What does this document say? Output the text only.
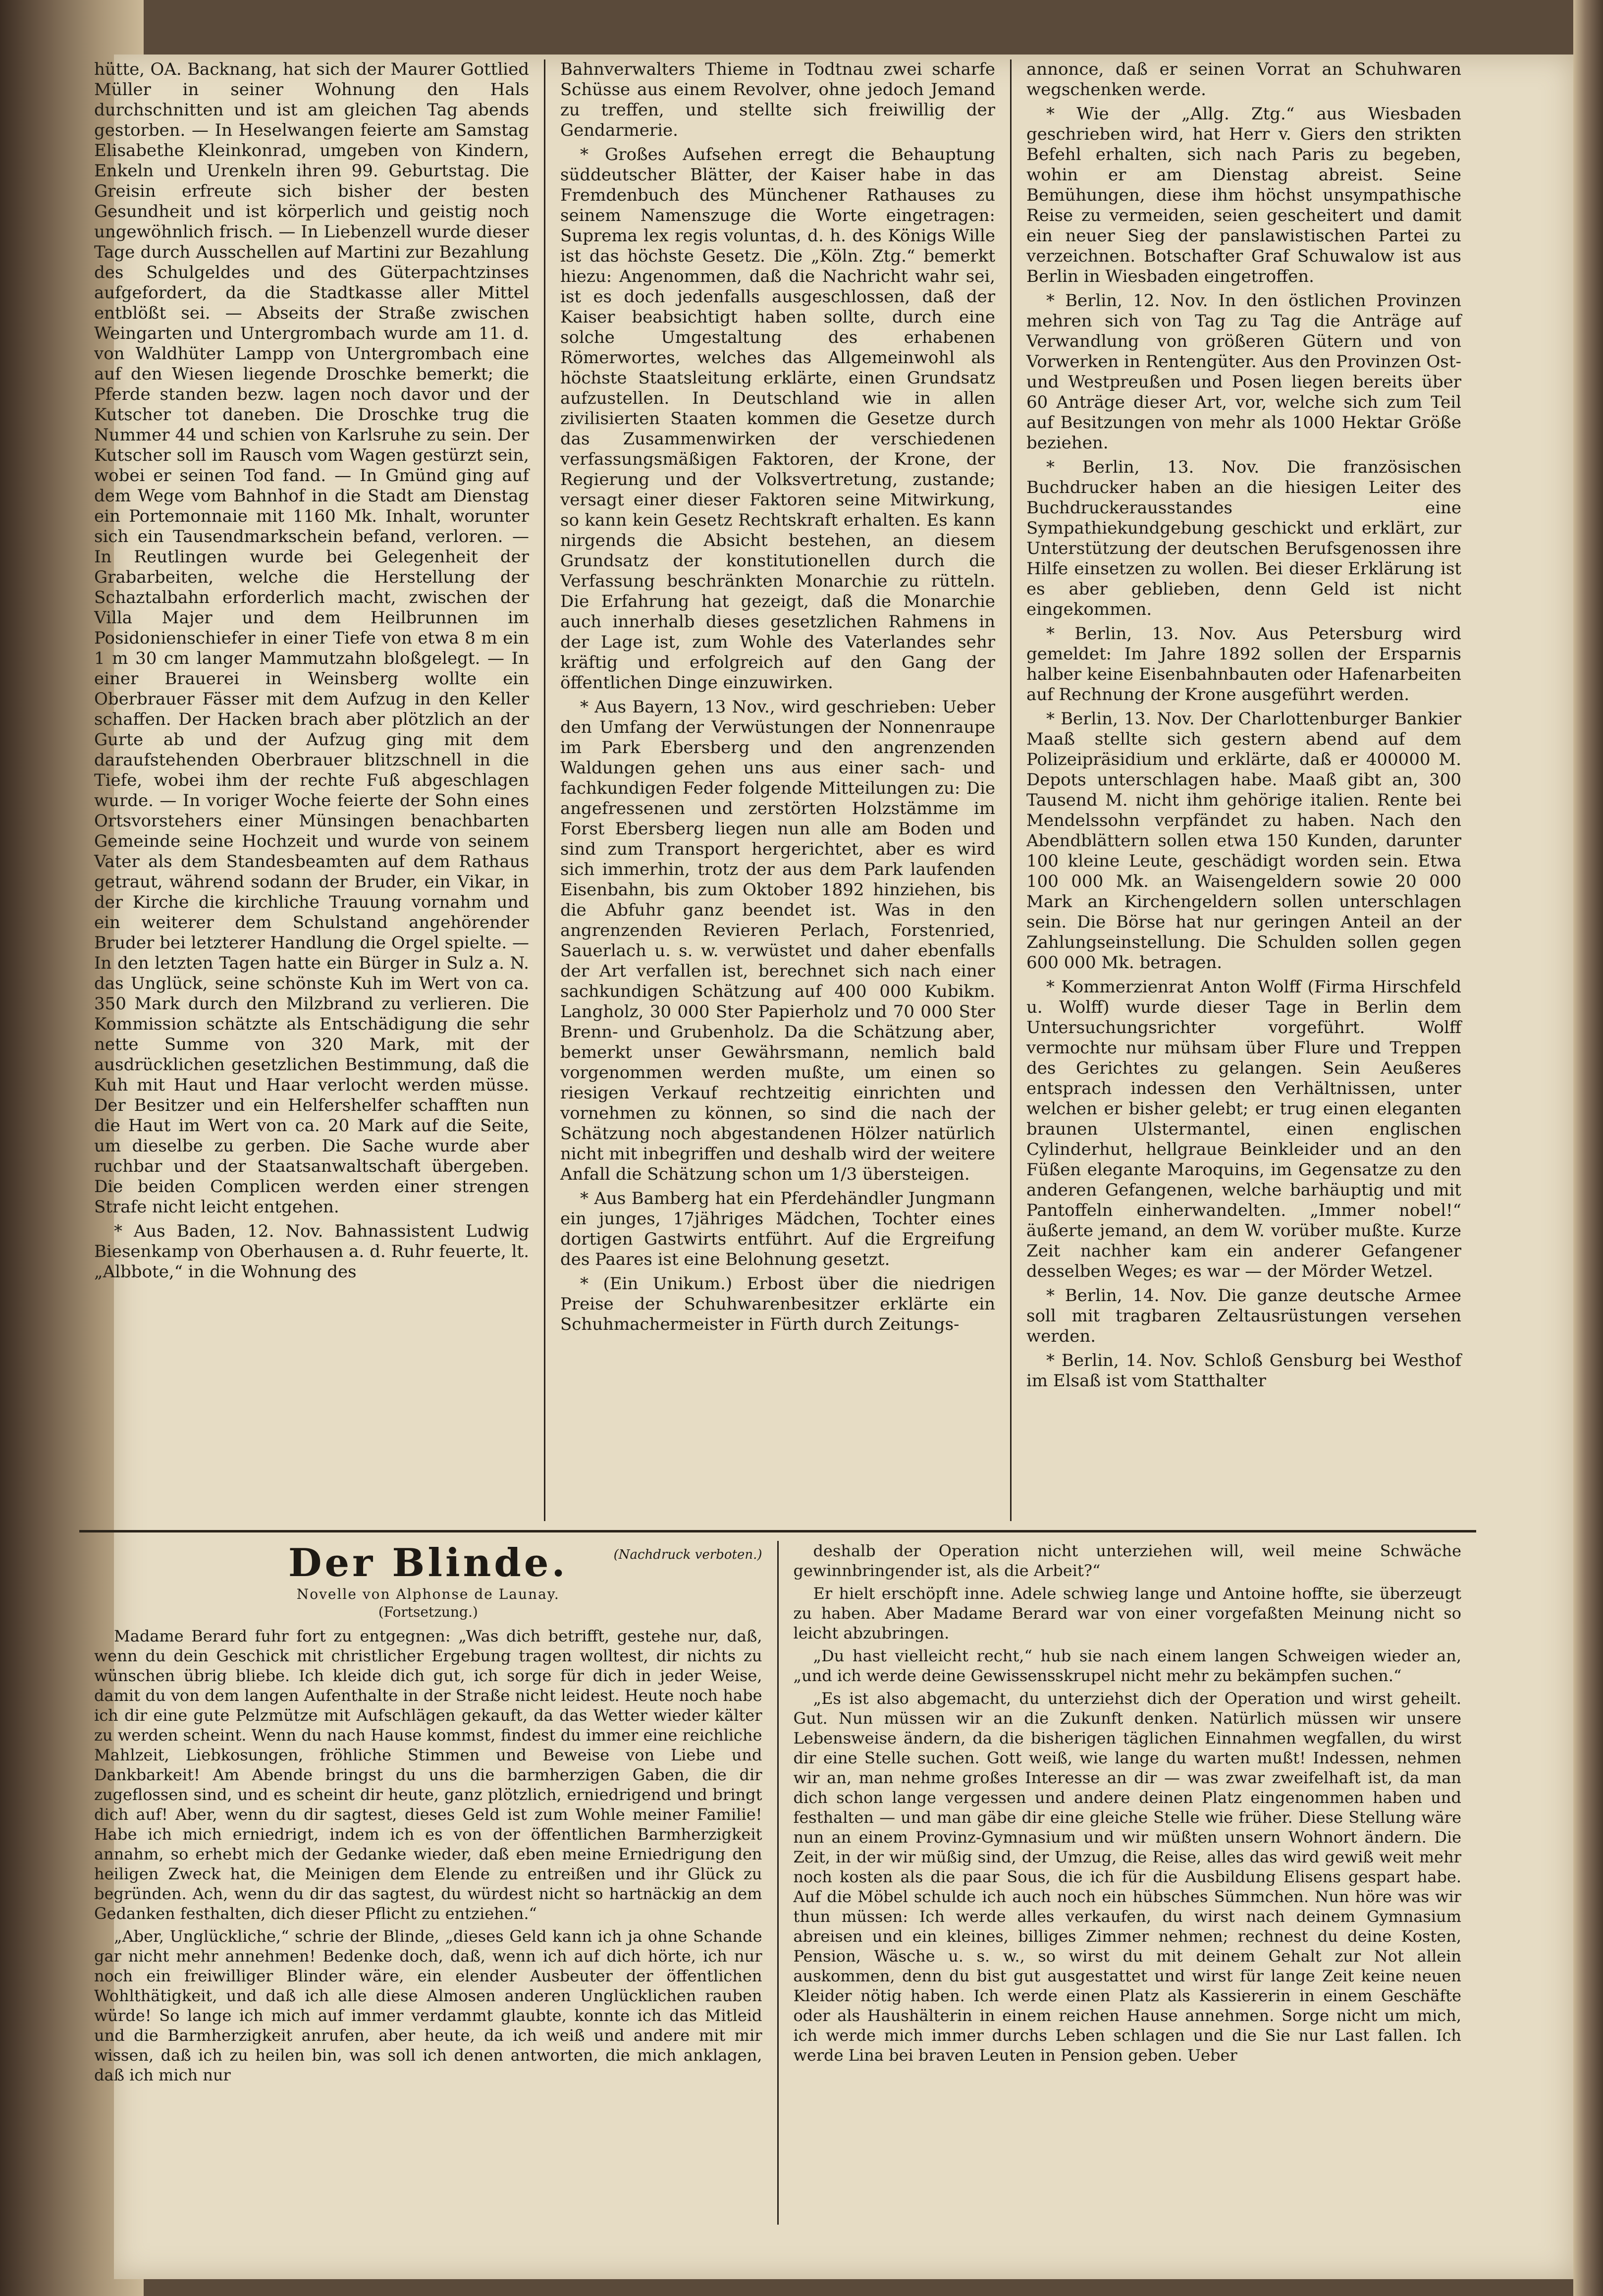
hütte, OA. Backnang, hat sich der Maurer Gottlied Müller in seiner Wohnung den Hals durchschnitten und ist am gleichen Tag abends gestorben. — In Heselwangen feierte am Samstag Elisabethe Kleinkonrad, umgeben von Kindern, Enkeln und Urenkeln ihren 99. Geburtstag. Die Greisin erfreute sich bisher der besten Gesundheit und ist körperlich und geistig noch ungewöhnlich frisch. — In Liebenzell wurde dieser Tage durch Ausschellen auf Martini zur Bezahlung des Schulgeldes und des Güterpachtzinses aufgefordert, da die Stadtkasse aller Mittel entblößt sei. — Abseits der Straße zwischen Weingarten und Untergrombach wurde am 11. d. von Waldhüter Lampp von Untergrombach eine auf den Wiesen liegende Droschke bemerkt; die Pferde standen bezw. lagen noch davor und der Kutscher tot daneben. Die Droschke trug die Nummer 44 und schien von Karlsruhe zu sein. Der Kutscher soll im Rausch vom Wagen gestürzt sein, wobei er seinen Tod fand. — In Gmünd ging auf dem Wege vom Bahnhof in die Stadt am Dienstag ein Portemonnaie mit 1160 Mk. Inhalt, worunter sich ein Tausendmarkschein befand, verloren. — In Reutlingen wurde bei Gelegenheit der Grabarbeiten, welche die Herstellung der Schaztalbahn erforderlich macht, zwischen der Villa Majer und dem Heilbrunnen im Posidonienschiefer in einer Tiefe von etwa 8 m ein 1 m 30 cm langer Mammutzahn bloßgelegt. — In einer Brauerei in Weinsberg wollte ein Oberbrauer Fässer mit dem Aufzug in den Keller schaffen. Der Hacken brach aber plötzlich an der Gurte ab und der Aufzug ging mit dem daraufstehenden Oberbrauer blitzschnell in die Tiefe, wobei ihm der rechte Fuß abgeschlagen wurde. — In voriger Woche feierte der Sohn eines Ortsvorstehers einer Münsingen benachbarten Gemeinde seine Hochzeit und wurde von seinem Vater als dem Standesbeamten auf dem Rathaus getraut, während sodann der Bruder, ein Vikar, in der Kirche die kirchliche Trauung vornahm und ein weiterer dem Schulstand angehörender Bruder bei letzterer Handlung die Orgel spielte. — In den letzten Tagen hatte ein Bürger in Sulz a. N. das Unglück, seine schönste Kuh im Wert von ca. 350 Mark durch den Milzbrand zu verlieren. Die Kommission schätzte als Entschädigung die sehr nette Summe von 320 Mark, mit der ausdrücklichen gesetzlichen Bestimmung, daß die Kuh mit Haut und Haar verlocht werden müsse. Der Besitzer und ein Helfershelfer schafften nun die Haut im Wert von ca. 20 Mark auf die Seite, um dieselbe zu gerben. Die Sache wurde aber ruchbar und der Staatsanwaltschaft übergeben. Die beiden Complicen werden einer strengen Strafe nicht leicht entgehen.

* Aus Baden, 12. Nov. Bahnassistent Ludwig Biesenkamp von Oberhausen a. d. Ruhr feuerte, lt. „Albbote,“ in die Wohnung des

Bahnverwalters Thieme in Todtnau zwei scharfe Schüsse aus einem Revolver, ohne jedoch Jemand zu treffen, und stellte sich freiwillig der Gendarmerie.

* Großes Aufsehen erregt die Behauptung süddeutscher Blätter, der Kaiser habe in das Fremdenbuch des Münchener Rathauses zu seinem Namenszuge die Worte eingetragen: Suprema lex regis voluntas, d. h. des Königs Wille ist das höchste Gesetz. Die „Köln. Ztg.“ bemerkt hiezu: Angenommen, daß die Nachricht wahr sei, ist es doch jedenfalls ausgeschlossen, daß der Kaiser beabsichtigt haben sollte, durch eine solche Umgestaltung des erhabenen Römerwortes, welches das Allgemeinwohl als höchste Staatsleitung erklärte, einen Grundsatz aufzustellen. In Deutschland wie in allen zivilisierten Staaten kommen die Gesetze durch das Zusammenwirken der verschiedenen verfassungsmäßigen Faktoren, der Krone, der Regierung und der Volksvertretung, zustande; versagt einer dieser Faktoren seine Mitwirkung, so kann kein Gesetz Rechtskraft erhalten. Es kann nirgends die Absicht bestehen, an diesem Grundsatz der konstitutionellen durch die Verfassung beschränkten Monarchie zu rütteln. Die Erfahrung hat gezeigt, daß die Monarchie auch innerhalb dieses gesetzlichen Rahmens in der Lage ist, zum Wohle des Vaterlandes sehr kräftig und erfolgreich auf den Gang der öffentlichen Dinge einzuwirken.

* Aus Bayern, 13 Nov., wird geschrieben: Ueber den Umfang der Verwüstungen der Nonnenraupe im Park Ebersberg und den angrenzenden Waldungen gehen uns aus einer sach- und fachkundigen Feder folgende Mitteilungen zu: Die angefressenen und zerstörten Holzstämme im Forst Ebersberg liegen nun alle am Boden und sind zum Transport hergerichtet, aber es wird sich immerhin, trotz der aus dem Park laufenden Eisenbahn, bis zum Oktober 1892 hinziehen, bis die Abfuhr ganz beendet ist. Was in den angrenzenden Revieren Perlach, Forstenried, Sauerlach u. s. w. verwüstet und daher ebenfalls der Art verfallen ist, berechnet sich nach einer sachkundigen Schätzung auf 400 000 Kubikm. Langholz, 30 000 Ster Papierholz und 70 000 Ster Brenn- und Grubenholz. Da die Schätzung aber, bemerkt unser Gewährsmann, nemlich bald vorgenommen werden mußte, um einen so riesigen Verkauf rechtzeitig einrichten und vornehmen zu können, so sind die nach der Schätzung noch abgestandenen Hölzer natürlich nicht mit inbegriffen und deshalb wird der weitere Anfall die Schätzung schon um 1/3 übersteigen.

* Aus Bamberg hat ein Pferdehändler Jungmann ein junges, 17jähriges Mädchen, Tochter eines dortigen Gastwirts entführt. Auf die Ergreifung des Paares ist eine Belohnung gesetzt.

* (Ein Unikum.) Erbost über die niedrigen Preise der Schuhwarenbesitzer erklärte ein Schuhmachermeister in Fürth durch Zeitungs-

annonce, daß er seinen Vorrat an Schuhwaren wegschenken werde.

* Wie der „Allg. Ztg.“ aus Wiesbaden geschrieben wird, hat Herr v. Giers den strikten Befehl erhalten, sich nach Paris zu begeben, wohin er am Dienstag abreist. Seine Bemühungen, diese ihm höchst unsympathische Reise zu vermeiden, seien gescheitert und damit ein neuer Sieg der panslawistischen Partei zu verzeichnen. Botschafter Graf Schuwalow ist aus Berlin in Wiesbaden eingetroffen.

* Berlin, 12. Nov. In den östlichen Provinzen mehren sich von Tag zu Tag die Anträge auf Verwandlung von größeren Gütern und von Vorwerken in Rentengüter. Aus den Provinzen Ost- und Westpreußen und Posen liegen bereits über 60 Anträge dieser Art, vor, welche sich zum Teil auf Besitzungen von mehr als 1000 Hektar Größe beziehen.

* Berlin, 13. Nov. Die französischen Buchdrucker haben an die hiesigen Leiter des Buchdruckerausstandes eine Sympathiekundgebung geschickt und erklärt, zur Unterstützung der deutschen Berufsgenossen ihre Hilfe einsetzen zu wollen. Bei dieser Erklärung ist es aber geblieben, denn Geld ist nicht eingekommen.

* Berlin, 13. Nov. Aus Petersburg wird gemeldet: Im Jahre 1892 sollen der Ersparnis halber keine Eisenbahnbauten oder Hafenarbeiten auf Rechnung der Krone ausgeführt werden.

* Berlin, 13. Nov. Der Charlottenburger Bankier Maaß stellte sich gestern abend auf dem Polizeipräsidium und erklärte, daß er 400000 M. Depots unterschlagen habe. Maaß gibt an, 300 Tausend M. nicht ihm gehörige italien. Rente bei Mendelssohn verpfändet zu haben. Nach den Abendblättern sollen etwa 150 Kunden, darunter 100 kleine Leute, geschädigt worden sein. Etwa 100 000 Mk. an Waisengeldern sowie 20 000 Mark an Kirchengeldern sollen unterschlagen sein. Die Börse hat nur geringen Anteil an der Zahlungseinstellung. Die Schulden sollen gegen 600 000 Mk. betragen.

* Kommerzienrat Anton Wolff (Firma Hirschfeld u. Wolff) wurde dieser Tage in Berlin dem Untersuchungsrichter vorgeführt. Wolff vermochte nur mühsam über Flure und Treppen des Gerichtes zu gelangen. Sein Aeußeres entsprach indessen den Verhältnissen, unter welchen er bisher gelebt; er trug einen eleganten braunen Ulstermantel, einen englischen Cylinderhut, hellgraue Beinkleider und an den Füßen elegante Maroquins, im Gegensatze zu den anderen Gefangenen, welche barhäuptig und mit Pantoffeln einherwandelten. „Immer nobel!“ äußerte jemand, an dem W. vorüber mußte. Kurze Zeit nachher kam ein anderer Gefangener desselben Weges; es war — der Mörder Wetzel.

* Berlin, 14. Nov. Die ganze deutsche Armee soll mit tragbaren Zeltausrüstungen versehen werden.

* Berlin, 14. Nov. Schloß Gensburg bei Westhof im Elsaß ist vom Statthalter

Der Blinde.	(Nachdruck verboten.)
Novelle von Alphonse de Launay.
(Fortsetzung.)

Madame Berard fuhr fort zu entgegnen: „Was dich betrifft, gestehe nur, daß, wenn du dein Geschick mit christlicher Ergebung tragen wolltest, dir nichts zu wünschen übrig bliebe. Ich kleide dich gut, ich sorge für dich in jeder Weise, damit du von dem langen Aufenthalte in der Straße nicht leidest. Heute noch habe ich dir eine gute Pelzmütze mit Aufschlägen gekauft, da das Wetter wieder kälter zu werden scheint. Wenn du nach Hause kommst, findest du immer eine reichliche Mahlzeit, Liebkosungen, fröhliche Stimmen und Beweise von Liebe und Dankbarkeit! Am Abende bringst du uns die barmherzigen Gaben, die dir zugeflossen sind, und es scheint dir heute, ganz plötzlich, erniedrigend und bringt dich auf! Aber, wenn du dir sagtest, dieses Geld ist zum Wohle meiner Familie! Habe ich mich erniedrigt, indem ich es von der öffentlichen Barmherzigkeit annahm, so erhebt mich der Gedanke wieder, daß eben meine Erniedrigung den heiligen Zweck hat, die Meinigen dem Elende zu entreißen und ihr Glück zu begründen. Ach, wenn du dir das sagtest, du würdest nicht so hartnäckig an dem Gedanken festhalten, dich dieser Pflicht zu entziehen.“

„Aber, Unglückliche,“ schrie der Blinde, „dieses Geld kann ich ja ohne Schande gar nicht mehr annehmen! Bedenke doch, daß, wenn ich auf dich hörte, ich nur noch ein freiwilliger Blinder wäre, ein elender Ausbeuter der öffentlichen Wohlthätigkeit, und daß ich alle diese Almosen anderen Unglücklichen rauben würde! So lange ich mich auf immer verdammt glaubte, konnte ich das Mitleid und die Barmherzigkeit anrufen, aber heute, da ich weiß und andere mit mir wissen, daß ich zu heilen bin, was soll ich denen antworten, die mich anklagen, daß ich mich nur

deshalb der Operation nicht unterziehen will, weil meine Schwäche gewinnbringender ist, als die Arbeit?“

Er hielt erschöpft inne. Adele schwieg lange und Antoine hoffte, sie überzeugt zu haben. Aber Madame Berard war von einer vorgefaßten Meinung nicht so leicht abzubringen.

„Du hast vielleicht recht,“ hub sie nach einem langen Schweigen wieder an, „und ich werde deine Gewissensskrupel nicht mehr zu bekämpfen suchen.“

„Es ist also abgemacht, du unterziehst dich der Operation und wirst geheilt. Gut. Nun müssen wir an die Zukunft denken. Natürlich müssen wir unsere Lebensweise ändern, da die bisherigen täglichen Einnahmen wegfallen, du wirst dir eine Stelle suchen. Gott weiß, wie lange du warten mußt! Indessen, nehmen wir an, man nehme großes Interesse an dir — was zwar zweifelhaft ist, da man dich schon lange vergessen und andere deinen Platz eingenommen haben und festhalten — und man gäbe dir eine gleiche Stelle wie früher. Diese Stellung wäre nun an einem Provinz-Gymnasium und wir müßten unsern Wohnort ändern. Die Zeit, in der wir müßig sind, der Umzug, die Reise, alles das wird gewiß weit mehr noch kosten als die paar Sous, die ich für die Ausbildung Elisens gespart habe. Auf die Möbel schulde ich auch noch ein hübsches Sümmchen. Nun höre was wir thun müssen: Ich werde alles verkaufen, du wirst nach deinem Gymnasium abreisen und ein kleines, billiges Zimmer nehmen; rechnest du deine Kosten, Pension, Wäsche u. s. w., so wirst du mit deinem Gehalt zur Not allein auskommen, denn du bist gut ausgestattet und wirst für lange Zeit keine neuen Kleider nötig haben. Ich werde einen Platz als Kassiererin in einem Geschäfte oder als Haushälterin in einem reichen Hause annehmen. Sorge nicht um mich, ich werde mich immer durchs Leben schlagen und die Sie nur Last fallen. Ich werde Lina bei braven Leuten in Pension geben. Ueber
